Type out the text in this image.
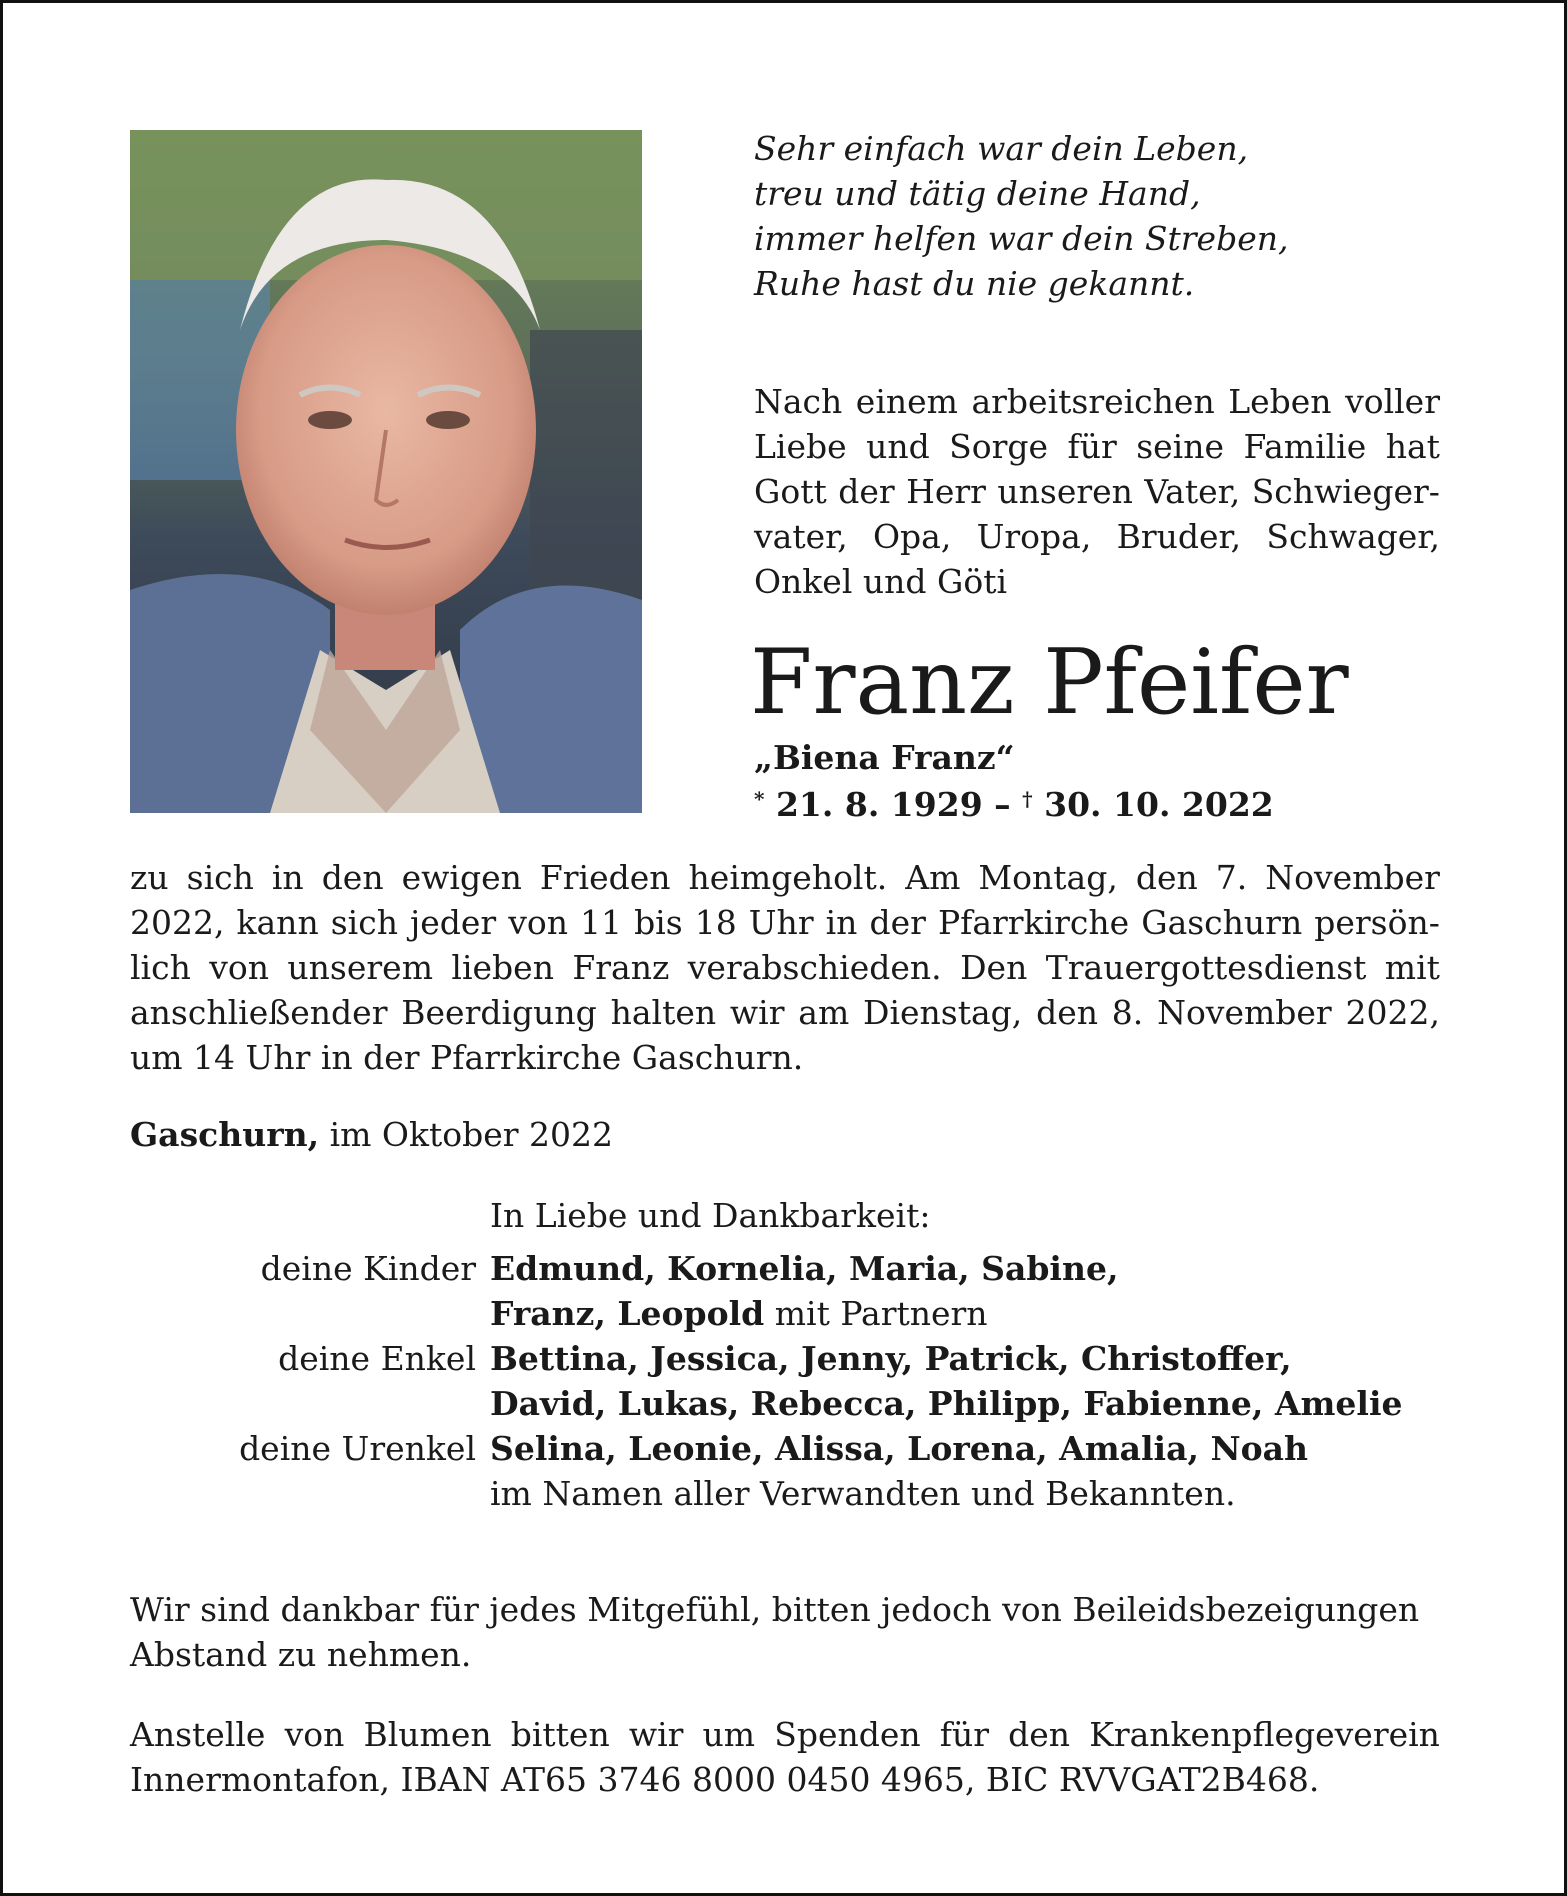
Sehr einfach war dein Leben,
treu und tätig deine Hand,
immer helfen war dein Streben,
Ruhe hast du nie gekannt.
Nach einem arbeitsreichen Leben voller
Liebe und Sorge für seine Familie hat
Gott der Herr unseren Vater, Schwieger-
vater, Opa, Uropa, Bruder, Schwager,
Onkel und Göti
Franz Pfeifer
„Biena Franz“
* 21. 8. 1929 – † 30. 10. 2022
zu sich in den ewigen Frieden heimgeholt. Am Montag, den 7. November
2022, kann sich jeder von 11 bis 18 Uhr in der Pfarrkirche Gaschurn persön-
lich von unserem lieben Franz verabschieden. Den Trauergottesdienst mit
anschließender Beerdigung halten wir am Dienstag, den 8. November 2022,
um 14 Uhr in der Pfarrkirche Gaschurn.
Gaschurn, im Oktober 2022
In Liebe und Dankbarkeit:
deine Kinder Edmund, Kornelia, Maria, Sabine,
Franz, Leopold mit Partnern
deine Enkel Bettina, Jessica, Jenny, Patrick, Christoffer,
David, Lukas, Rebecca, Philipp, Fabienne, Amelie
deine Urenkel Selina, Leonie, Alissa, Lorena, Amalia, Noah
im Namen aller Verwandten und Bekannten.
Wir sind dankbar für jedes Mitgefühl, bitten jedoch von Beileidsbezeigungen
Abstand zu nehmen.
Anstelle von Blumen bitten wir um Spenden für den Krankenpflegeverein
Innermontafon, IBAN AT65 3746 8000 0450 4965, BIC RVVGAT2B468.
